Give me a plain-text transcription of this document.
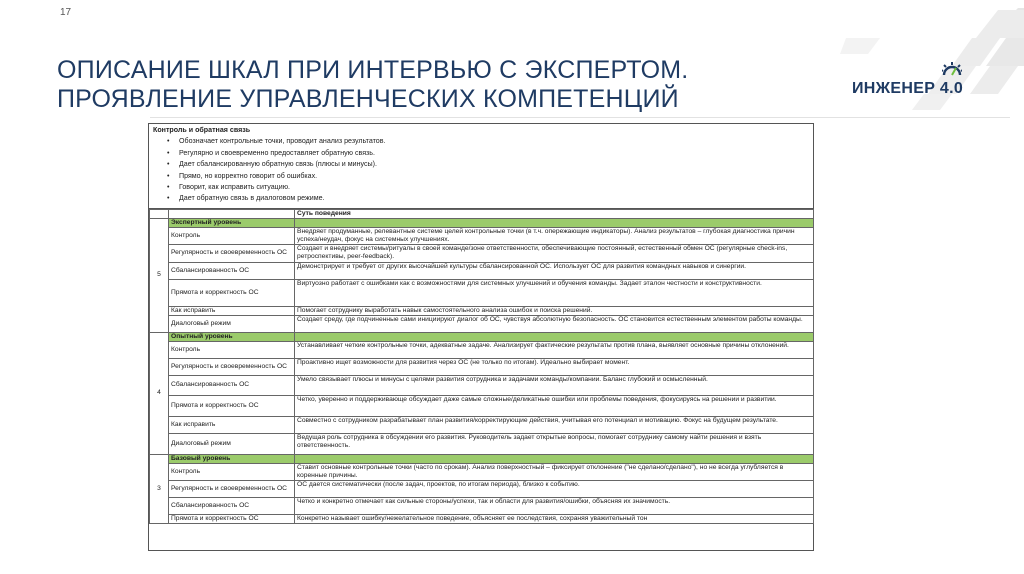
17
ИНЖЕНЕР 4.0
ОПИСАНИЕ ШКАЛ ПРИ ИНТЕРВЬЮ С ЭКСПЕРТОМ.
ПРОЯВЛЕНИЕ УПРАВЛЕНЧЕСКИХ КОМПЕТЕНЦИЙ
Контроль и обратная связь
• Обозначает контрольные точки, проводит анализ результатов.
• Регулярно и своевременно предоставляет обратную связь.
• Дает сбалансированную обратную связь (плюсы и минусы).
• Прямо, но корректно говорит об ошибках.
• Говорит, как исправить ситуацию.
• Дает обратную связь в диалоговом режиме.
		Суть поведения
5	Экспертный уровень	
	Контроль	Внедряет продуманные, релевантные системе целей контрольные точки (в т.ч. опережающие индикаторы). Анализ результатов – глубокая диагностика причин успеха/неудач, фокус на системных улучшениях.
	Регулярность и своевременность ОС	Создает и внедряет системы/ритуалы в своей команде/зоне ответственности, обеспечивающие постоянный, естественный обмен ОС (регулярные check-ins, ретроспективы, peer-feedback).
	Сбалансированность ОС	Демонстрирует и требует от других высочайшей культуры сбалансированной ОС. Использует ОС для развития командных навыков и синергии.
	Прямота и корректность ОС	Виртуозно работает с ошибками как с возможностями для системных улучшений и обучения команды. Задает эталон честности и конструктивности.
	Как исправить	Помогает сотруднику выработать навык самостоятельного анализа ошибок и поиска решений.
	Диалоговый режим	Создает среду, где подчиненные сами инициируют диалог об ОС, чувствуя абсолютную безопасность. ОС становится естественным элементом работы команды.
4	Опытный уровень	
	Контроль	Устанавливает четкие контрольные точки, адекватные задаче. Анализирует фактические результаты против плана, выявляет основные причины отклонений.
	Регулярность и своевременность ОС	Проактивно ищет возможности для развития через ОС (не только по итогам). Идеально выбирает момент.
	Сбалансированность ОС	Умело связывает плюсы и минусы с целями развития сотрудника и задачами команды/компании. Баланс глубокий и осмысленный.
	Прямота и корректность ОС	Четко, уверенно и поддерживающе обсуждает даже самые сложные/деликатные ошибки или проблемы поведения, фокусируясь на решении и развитии.
	Как исправить	Совместно с сотрудником разрабатывает план развития/корректирующие действия, учитывая его потенциал и мотивацию. Фокус на будущем результате.
	Диалоговый режим	Ведущая роль сотрудника в обсуждении его развития. Руководитель задает открытые вопросы, помогает сотруднику самому найти решения и взять ответственность.
3	Базовый уровень	
	Контроль	Ставит основные контрольные точки (часто по срокам). Анализ поверхностный – фиксирует отклонение ("не сделано/сделано"), но не всегда углубляется в коренные причины.
	Регулярность и своевременность ОС	ОС дается систематически (после задач, проектов, по итогам периода), близко к событию.
	Сбалансированность ОС	Четко и конкретно отмечает как сильные стороны/успехи, так и области для развития/ошибки, объясняя их значимость.
	Прямота и корректность ОС	Конкретно называет ошибку/нежелательное поведение, объясняет ее последствия, сохраняя уважительный тон
